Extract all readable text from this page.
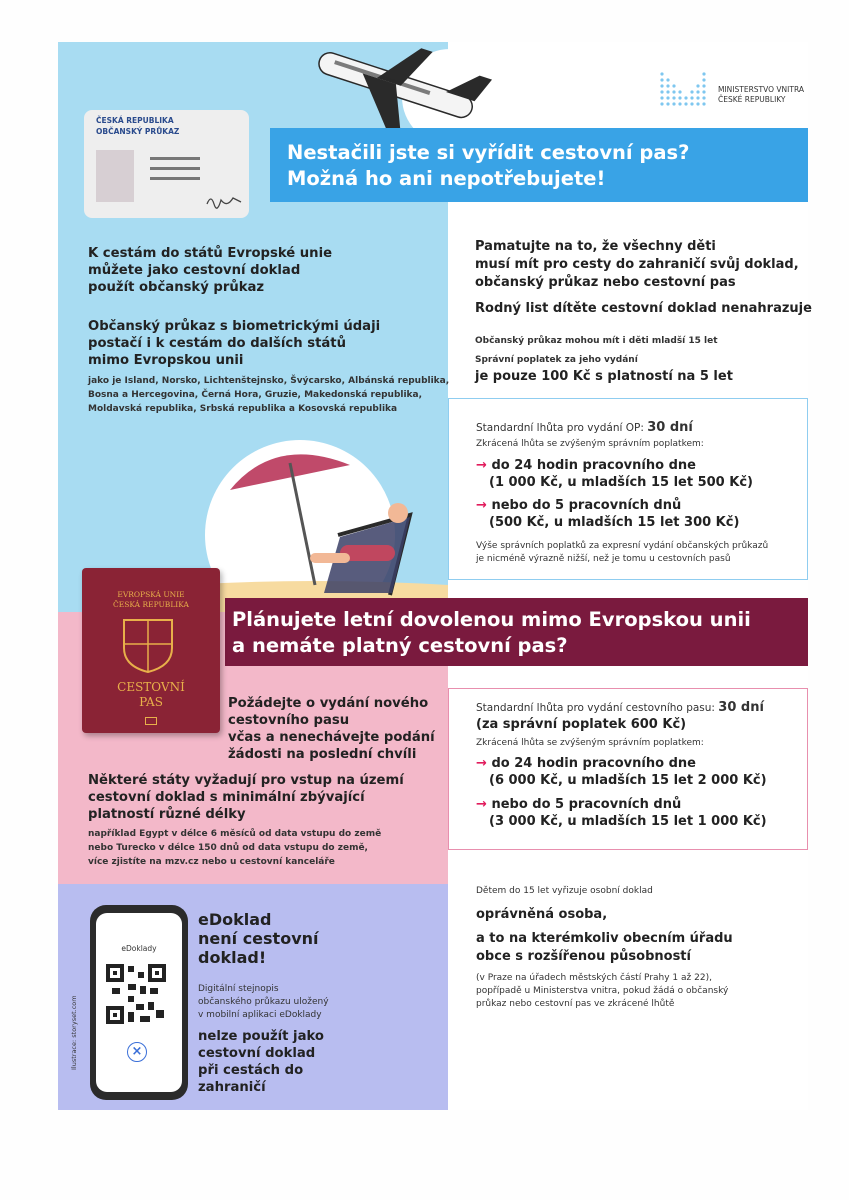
MINISTERSTVO VNITRA
ČESKÉ REPUBLIKY
ČESKÁ REPUBLIKA
OBČANSKÝ PRŮKAZ
Nestačili jste si vyřídit cestovní pas?
Možná ho ani nepotřebujete!
K cestám do států Evropské unie
můžete jako cestovní doklad
použít občanský průkaz
Občanský průkaz s biometrickými údaji
postačí i k cestám do dalších států
mimo Evropskou unii
jako je Island, Norsko, Lichtenštejnsko, Švýcarsko, Albánská republika,
Bosna a Hercegovina, Černá Hora, Gruzie, Makedonská republika,
Moldavská republika, Srbská republika a Kosovská republika
Pamatujte na to, že všechny děti
musí mít pro cesty do zahraničí svůj doklad,
občanský průkaz nebo cestovní pas
Rodný list dítěte cestovní doklad nenahrazuje
Občanský průkaz mohou mít i děti mladší 15 let
Správní poplatek za jeho vydání
je pouze 100 Kč s platností na 5 let
Standardní lhůta pro vydání OP: 30 dní
Zkrácená lhůta se zvýšeným správním poplatkem:
→ do 24 hodin pracovního dne
(1 000 Kč, u mladších 15 let 500 Kč)
→ nebo do 5 pracovních dnů
(500 Kč, u mladších 15 let 300 Kč)
Výše správních poplatků za expresní vydání občanských průkazů
je nicméně výrazně nižší, než je tomu u cestovních pasů
Plánujete letní dovolenou mimo Evropskou unii
a nemáte platný cestovní pas?
EVROPSKÁ UNIE
ČESKÁ REPUBLIKA
CESTOVNÍ
PAS	Požádejte o vydání nového
cestovního pasu
včas a nenechávejte podání
žádosti na poslední chvíli
Některé státy vyžadují pro vstup na území
cestovní doklad s minimální zbývající
platností různé délky
například Egypt v délce 6 měsíců od data vstupu do země
nebo Turecko v délce 150 dnů od data vstupu do země,
více zjistíte na mzv.cz nebo u cestovní kanceláře
Standardní lhůta pro vydání cestovního pasu: 30 dní
(za správní poplatek 600 Kč)
Zkrácená lhůta se zvýšeným správním poplatkem:
→ do 24 hodin pracovního dne
(6 000 Kč, u mladších 15 let 2 000 Kč)
→ nebo do 5 pracovních dnů
(3 000 Kč, u mladších 15 let 1 000 Kč)
Dětem do 15 let vyřizuje osobní doklad
oprávněná osoba,
a to na kterémkoliv obecním úřadu
obce s rozšířenou působností
(v Praze na úřadech městských částí Prahy 1 až 22),
popřípadě u Ministerstva vnitra, pokud žádá o občanský
průkaz nebo cestovní pas ve zkrácené lhůtě
eDoklady
×
Ilustrace: storyset.com
eDoklad
není cestovní
doklad!
Digitální stejnopis
občanského průkazu uložený
v mobilní aplikaci eDoklady
nelze použít jako
cestovní doklad
při cestách do
zahraničí
